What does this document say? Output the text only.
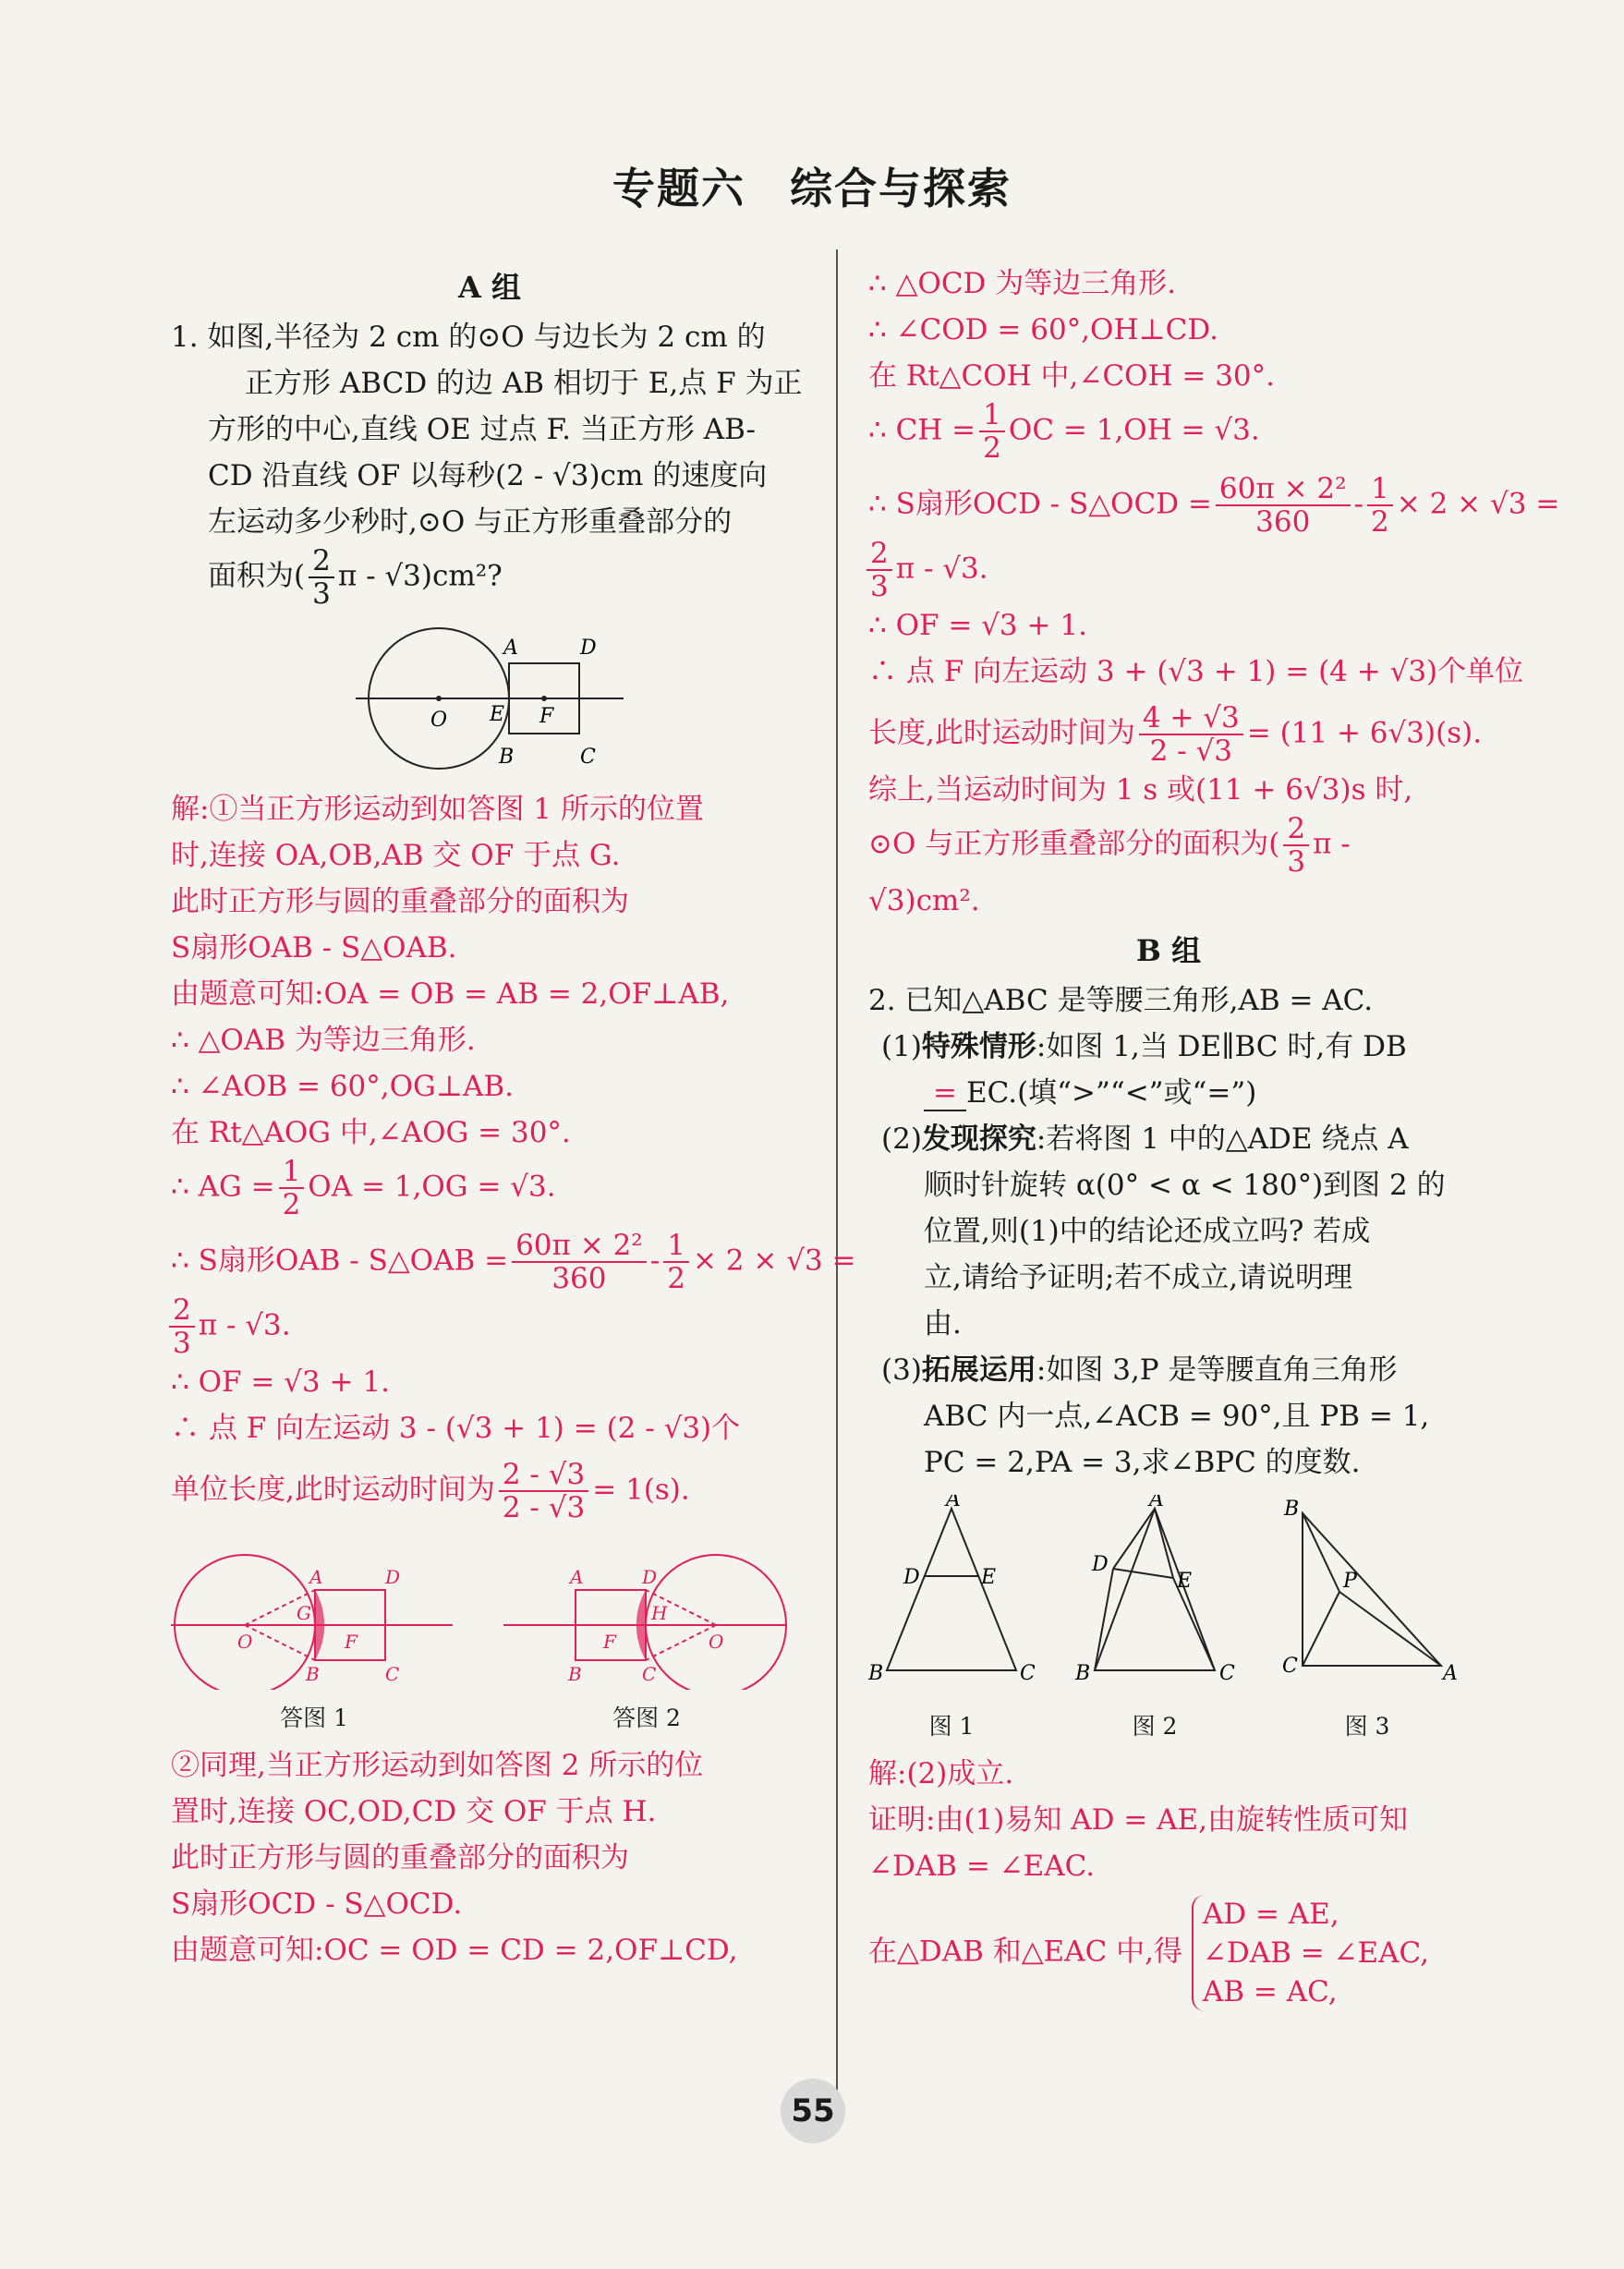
专题六　综合与探索
A 组
1. 如图,半径为 2 cm 的⊙O 与边长为 2 cm 的
正方形 ABCD 的边 AB 相切于 E,点 F 为正
方形的中心,直线 OE 过点 F. 当正方形 AB-
CD 沿直线 OF 以每秒(2 - √3)cm 的速度向
左运动多少秒时,⊙O 与正方形重叠部分的
面积为( $\frac{2}{3}$ π - √3)cm²?
A	D
O E F
B	C
解:①当正方形运动到如答图 1 所示的位置
时,连接 OA,OB,AB 交 OF 于点 G.
此时正方形与圆的重叠部分的面积为
S扇形OAB - S△OAB.
由题意可知:OA = OB = AB = 2,OF⊥AB,
∴ △OAB 为等边三角形.
∴ ∠AOB = 60°,OG⊥AB.
在 Rt△AOG 中,∠AOG = 30°.
∴ AG = $\frac{1}{2}$ OA = 1,OG = √3.
∴ S扇形OAB - S△OAB = $\frac{\text{60π × 2²}}{360} - \frac{1}{2} \times 2 \times √3$ =
$\frac{2}{3}$ π - √3.
∴ OF = √3 + 1.
∴ 点 F 向左运动 3 - (√3 + 1) = (2 - √3)个
单位长度,此时运动时间为 $\frac{2 - √3}{2 - √3} = 1(s)$.
A	D
O
G
F
B	C
答图 1
A	D
O
H
F
B	C
答图 2
②同理,当正方形运动到如答图 2 所示的位
置时,连接 OC,OD,CD 交 OF 于点 H.
此时正方形与圆的重叠部分的面积为
S扇形OCD - S△OCD.
由题意可知:OC = OD = CD = 2,OF⊥CD,
∴ △OCD 为等边三角形.
∴ ∠COD = 60°,OH⊥CD.
在 Rt△COH 中,∠COH = 30°.
∴ CH = $\frac{1}{2}$ OC = 1,OH = √3.
∴ S扇形OCD - S△OCD = $\frac{\text{60π × 2²}}{360} - \frac{1}{2} \times 2 \times √3$ =
$\frac{2}{3}$ π - √3.
∴ OF = √3 + 1.
∴ 点 F 向左运动 3 + (√3 + 1) = (4 + √3)个单位
长度,此时运动时间为 $\frac{4 + √3}{2 - √3} = (11 + 6√3)(s)$.
综上,当运动时间为 1 s 或(11 + 6√3)s 时,
⊙O 与正方形重叠部分的面积为( $\frac{2}{3}$ π -
√3)cm².
B 组
2. 已知△ABC 是等腰三角形,AB = AC.
(1)特殊情形:如图 1,当 DE∥BC 时,有 DB
= EC.(填“>”“<”或“=”)
(2)发现探究:若将图 1 中的△ADE 绕点 A
顺时针旋转 α(0° < α < 180°)到图 2 的
位置,则(1)中的结论还成立吗? 若成
立,请给予证明;若不成立,请说明理
由.
(3)拓展运用:如图 3,P 是等腰直角三角形
ABC 内一点,∠ACB = 90°,且 PB = 1,
PC = 2,PA = 3,求∠BPC 的度数.
A
D	E
B	C
图 1
A
D
E
B	C
图 2
B
P
C	A
图 3
解:(2)成立.
证明:由(1)易知 AD = AE,由旋转性质可知
∠DAB = ∠EAC.
在△DAB 和△EAC 中,得
AD = AE,
∠DAB = ∠EAC,
AB = AC,
55
